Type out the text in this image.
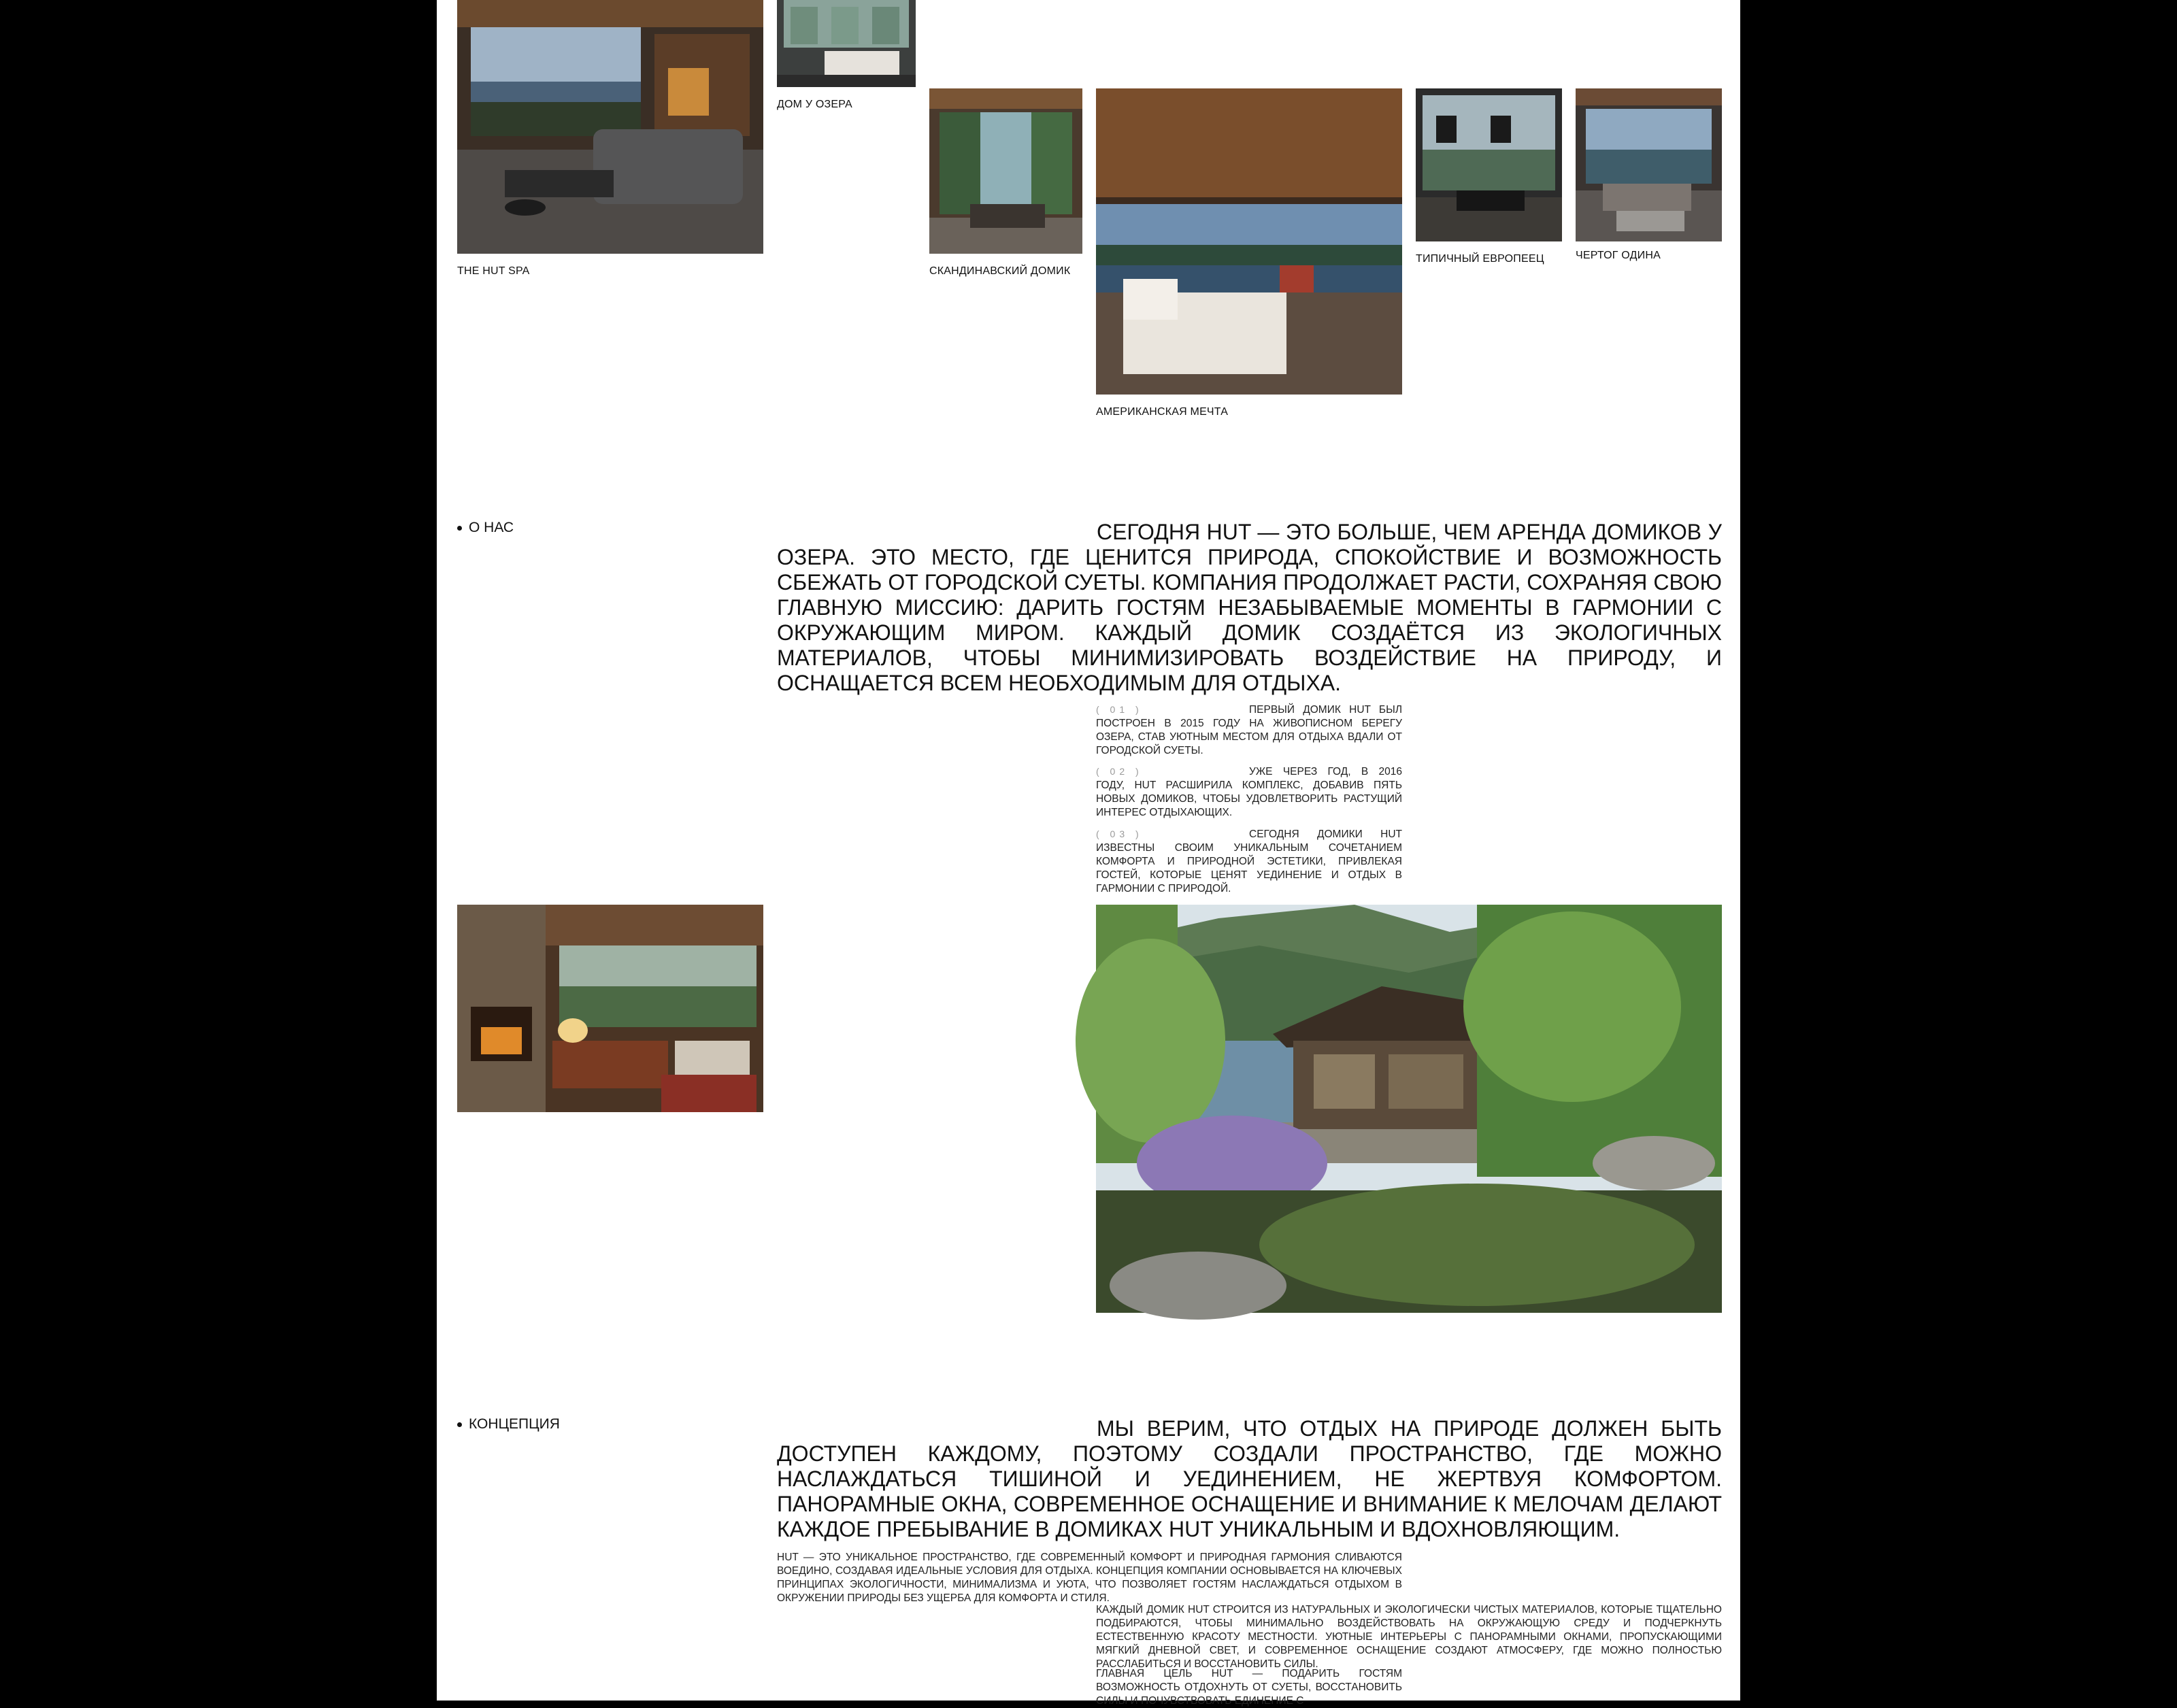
THE HUT SPA
ДОМ У ОЗЕРА
СКАНДИНАВСКИЙ ДОМИК
АМЕРИКАНСКАЯ МЕЧТА
ТИПИЧНЫЙ ЕВРОПЕЕЦ	ЧЕРТОГ ОДИНА
О НАС	СЕГОДНЯ HUT — ЭТО БОЛЬШЕ, ЧЕМ АРЕНДА ДОМИКОВ У ОЗЕРА. ЭТО МЕСТО, ГДЕ ЦЕНИТСЯ ПРИРОДА, СПОКОЙСТВИЕ И ВОЗМОЖНОСТЬ СБЕЖАТЬ ОТ ГОРОДСКОЙ СУЕТЫ. КОМПАНИЯ ПРОДОЛЖАЕТ РАСТИ, СОХРАНЯЯ СВОЮ ГЛАВНУЮ МИССИЮ: ДАРИТЬ ГОСТЯМ НЕЗАБЫВАЕМЫЕ МОМЕНТЫ В ГАРМОНИИ С ОКРУЖАЮЩИМ МИРОМ. КАЖДЫЙ ДОМИК СОЗДАЁТСЯ ИЗ ЭКОЛОГИЧНЫХ МАТЕРИАЛОВ, ЧТОБЫ МИНИМИЗИРОВАТЬ ВОЗДЕЙСТВИЕ НА ПРИРОДУ, И ОСНАЩАЕТСЯ ВСЕМ НЕОБХОДИМЫМ ДЛЯ ОТДЫХА.
( 01 )	ПЕРВЫЙ ДОМИК HUT БЫЛ ПОСТРОЕН В 2015 ГОДУ НА ЖИВОПИСНОМ БЕРЕГУ ОЗЕРА, СТАВ УЮТНЫМ МЕСТОМ ДЛЯ ОТДЫХА ВДАЛИ ОТ ГОРОДСКОЙ СУЕТЫ.
( 02 )	УЖЕ ЧЕРЕЗ ГОД, В 2016 ГОДУ, HUT РАСШИРИЛА КОМПЛЕКС, ДОБАВИВ ПЯТЬ НОВЫХ ДОМИКОВ, ЧТОБЫ УДОВЛЕТВОРИТЬ РАСТУЩИЙ ИНТЕРЕС ОТДЫХАЮЩИХ.
( 03 )	СЕГОДНЯ ДОМИКИ HUT ИЗВЕСТНЫ СВОИМ УНИКАЛЬНЫМ СОЧЕТАНИЕМ КОМФОРТА И ПРИРОДНОЙ ЭСТЕТИКИ, ПРИВЛЕКАЯ ГОСТЕЙ, КОТОРЫЕ ЦЕНЯТ УЕДИНЕНИЕ И ОТДЫХ В ГАРМОНИИ С ПРИРОДОЙ.
КОНЦЕПЦИЯ	МЫ ВЕРИМ, ЧТО ОТДЫХ НА ПРИРОДЕ ДОЛЖЕН БЫТЬ ДОСТУПЕН КАЖДОМУ, ПОЭТОМУ СОЗДАЛИ ПРОСТРАНСТВО, ГДЕ МОЖНО НАСЛАЖДАТЬСЯ ТИШИНОЙ И УЕДИНЕНИЕМ, НЕ ЖЕРТВУЯ КОМФОРТОМ. ПАНОРАМНЫЕ ОКНА, СОВРЕМЕННОЕ ОСНАЩЕНИЕ И ВНИМАНИЕ К МЕЛОЧАМ ДЕЛАЮТ КАЖДОЕ ПРЕБЫВАНИЕ В ДОМИКАХ HUT УНИКАЛЬНЫМ И ВДОХНОВЛЯЮЩИМ.
HUT — ЭТО УНИКАЛЬНОЕ ПРОСТРАНСТВО, ГДЕ СОВРЕМЕННЫЙ КОМФОРТ И ПРИРОДНАЯ ГАРМОНИЯ СЛИВАЮТСЯ ВОЕДИНО, СОЗДАВАЯ ИДЕАЛЬНЫЕ УСЛОВИЯ ДЛЯ ОТДЫХА. КОНЦЕПЦИЯ КОМПАНИИ ОСНОВЫВАЕТСЯ НА КЛЮЧЕВЫХ ПРИНЦИПАХ ЭКОЛОГИЧНОСТИ, МИНИМАЛИЗМА И УЮТА, ЧТО ПОЗВОЛЯЕТ ГОСТЯМ НАСЛАЖДАТЬСЯ ОТДЫХОМ В ОКРУЖЕНИИ ПРИРОДЫ БЕЗ УЩЕРБА ДЛЯ КОМФОРТА И СТИЛЯ.
КАЖДЫЙ ДОМИК HUT СТРОИТСЯ ИЗ НАТУРАЛЬНЫХ И ЭКОЛОГИЧЕСКИ ЧИСТЫХ МАТЕРИАЛОВ, КОТОРЫЕ ТЩАТЕЛЬНО ПОДБИРАЮТСЯ, ЧТОБЫ МИНИМАЛЬНО ВОЗДЕЙСТВОВАТЬ НА ОКРУЖАЮЩУЮ СРЕДУ И ПОДЧЕРКНУТЬ ЕСТЕСТВЕННУЮ КРАСОТУ МЕСТНОСТИ. УЮТНЫЕ ИНТЕРЬЕРЫ С ПАНОРАМНЫМИ ОКНАМИ, ПРОПУСКАЮЩИМИ МЯГКИЙ ДНЕВНОЙ СВЕТ, И СОВРЕМЕННОЕ ОСНАЩЕНИЕ СОЗДАЮТ АТМОСФЕРУ, ГДЕ МОЖНО ПОЛНОСТЬЮ РАССЛАБИТЬСЯ И ВОССТАНОВИТЬ СИЛЫ.
ГЛАВНАЯ ЦЕЛЬ HUT — ПОДАРИТЬ ГОСТЯМ ВОЗМОЖНОСТЬ ОТДОХНУТЬ ОТ СУЕТЫ, ВОССТАНОВИТЬ СИЛЫ И ПОЧУВСТВОВАТЬ ЕДИНЕНИЕ С
